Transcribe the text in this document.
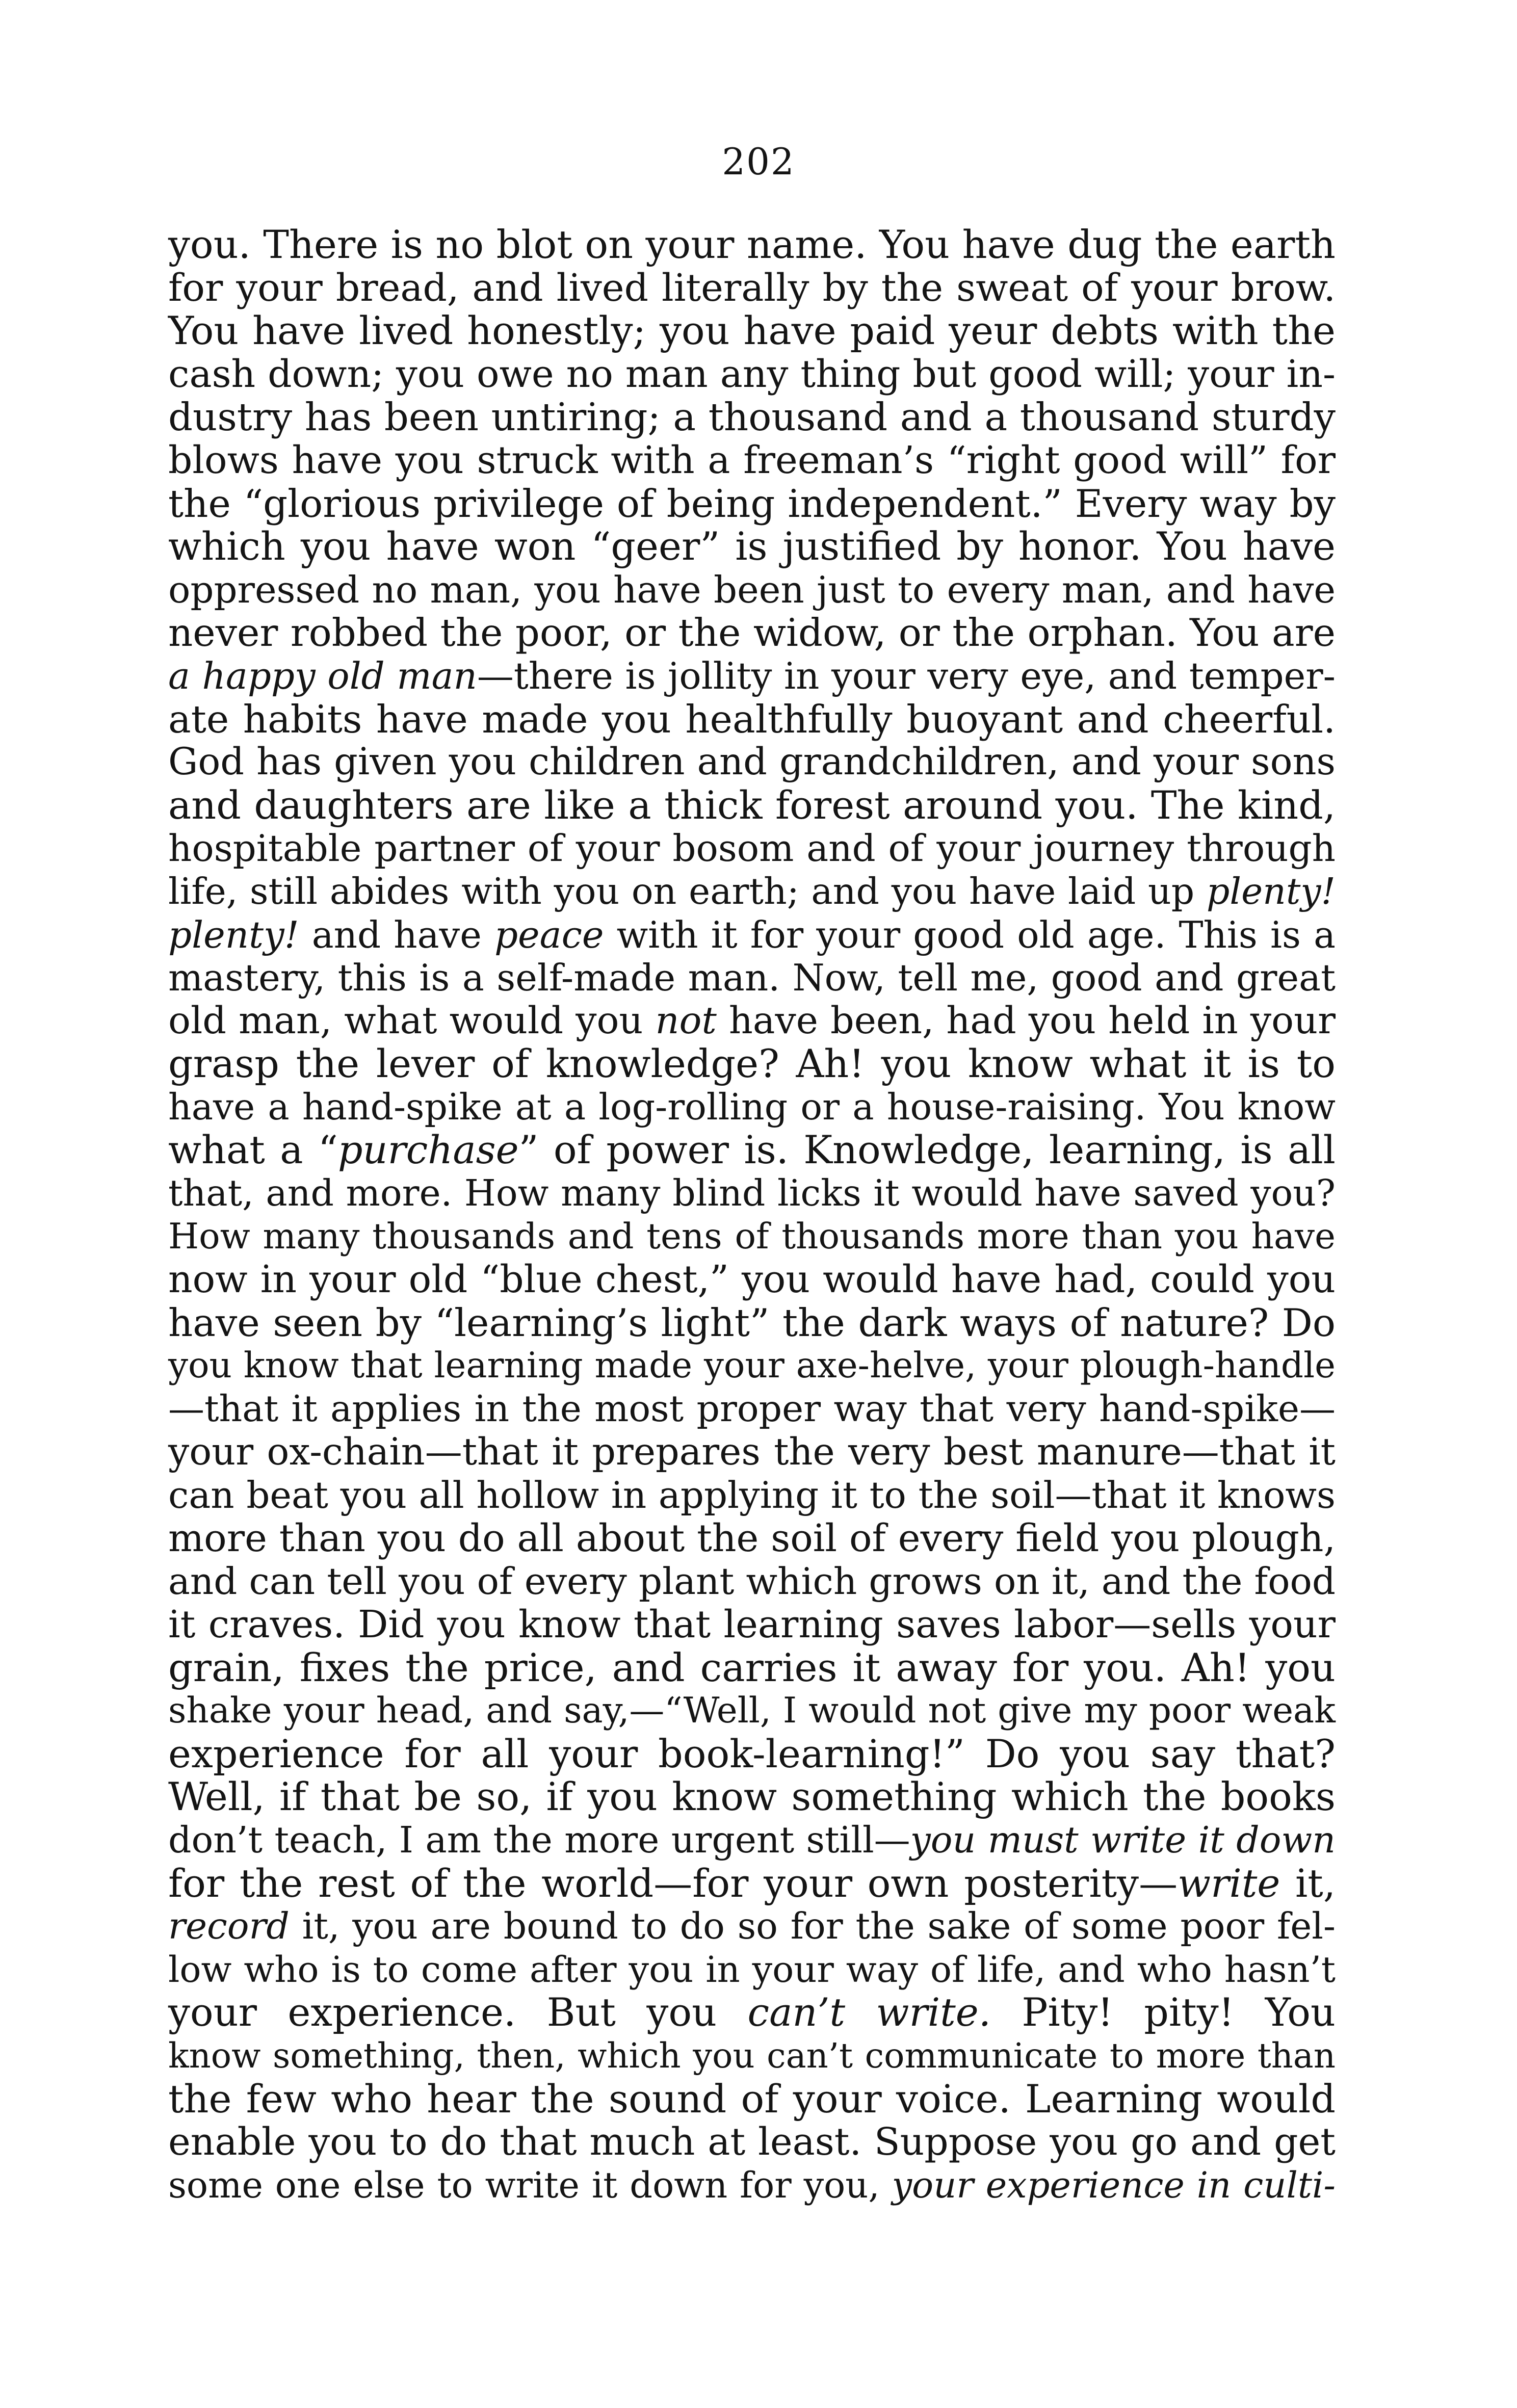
202
you. There is no blot on your name. You have dug the earth
for your bread, and lived literally by the sweat of your brow.
You have lived honestly; you have paid yeur debts with the
cash down; you owe no man any thing but good will; your in-
dustry has been untiring; a thousand and a thousand sturdy
blows have you struck with a freeman’s “right good will” for
the “glorious privilege of being independent.” Every way by
which you have won “geer” is justified by honor. You have
oppressed no man, you have been just to every man, and have
never robbed the poor, or the widow, or the orphan. You are
a happy old man—there is jollity in your very eye, and temper-
ate habits have made you healthfully buoyant and cheerful.
God has given you children and grandchildren, and your sons
and daughters are like a thick forest around you. The kind,
hospitable partner of your bosom and of your journey through
life, still abides with you on earth; and you have laid up plenty!
plenty! and have peace with it for your good old age. This is a
mastery, this is a self-made man. Now, tell me, good and great
old man, what would you not have been, had you held in your
grasp the lever of knowledge? Ah! you know what it is to
have a hand-spike at a log-rolling or a house-raising. You know
what a “purchase” of power is. Knowledge, learning, is all
that, and more. How many blind licks it would have saved you?
How many thousands and tens of thousands more than you have
now in your old “blue chest,” you would have had, could you
have seen by “learning’s light” the dark ways of nature? Do
you know that learning made your axe-helve, your plough-handle
—that it applies in the most proper way that very hand-spike—
your ox-chain—that it prepares the very best manure—that it
can beat you all hollow in applying it to the soil—that it knows
more than you do all about the soil of every field you plough,
and can tell you of every plant which grows on it, and the food
it craves. Did you know that learning saves labor—sells your
grain, fixes the price, and carries it away for you. Ah! you
shake your head, and say,—“Well, I would not give my poor weak
experience for all your book-learning!” Do you say that?
Well, if that be so, if you know something which the books
don’t teach, I am the more urgent still—you must write it down
for the rest of the world—for your own posterity—write it,
record it, you are bound to do so for the sake of some poor fel-
low who is to come after you in your way of life, and who hasn’t
your experience. But you can’t write. Pity! pity! You
know something, then, which you can’t communicate to more than
the few who hear the sound of your voice. Learning would
enable you to do that much at least. Suppose you go and get
some one else to write it down for you, your experience in culti-
